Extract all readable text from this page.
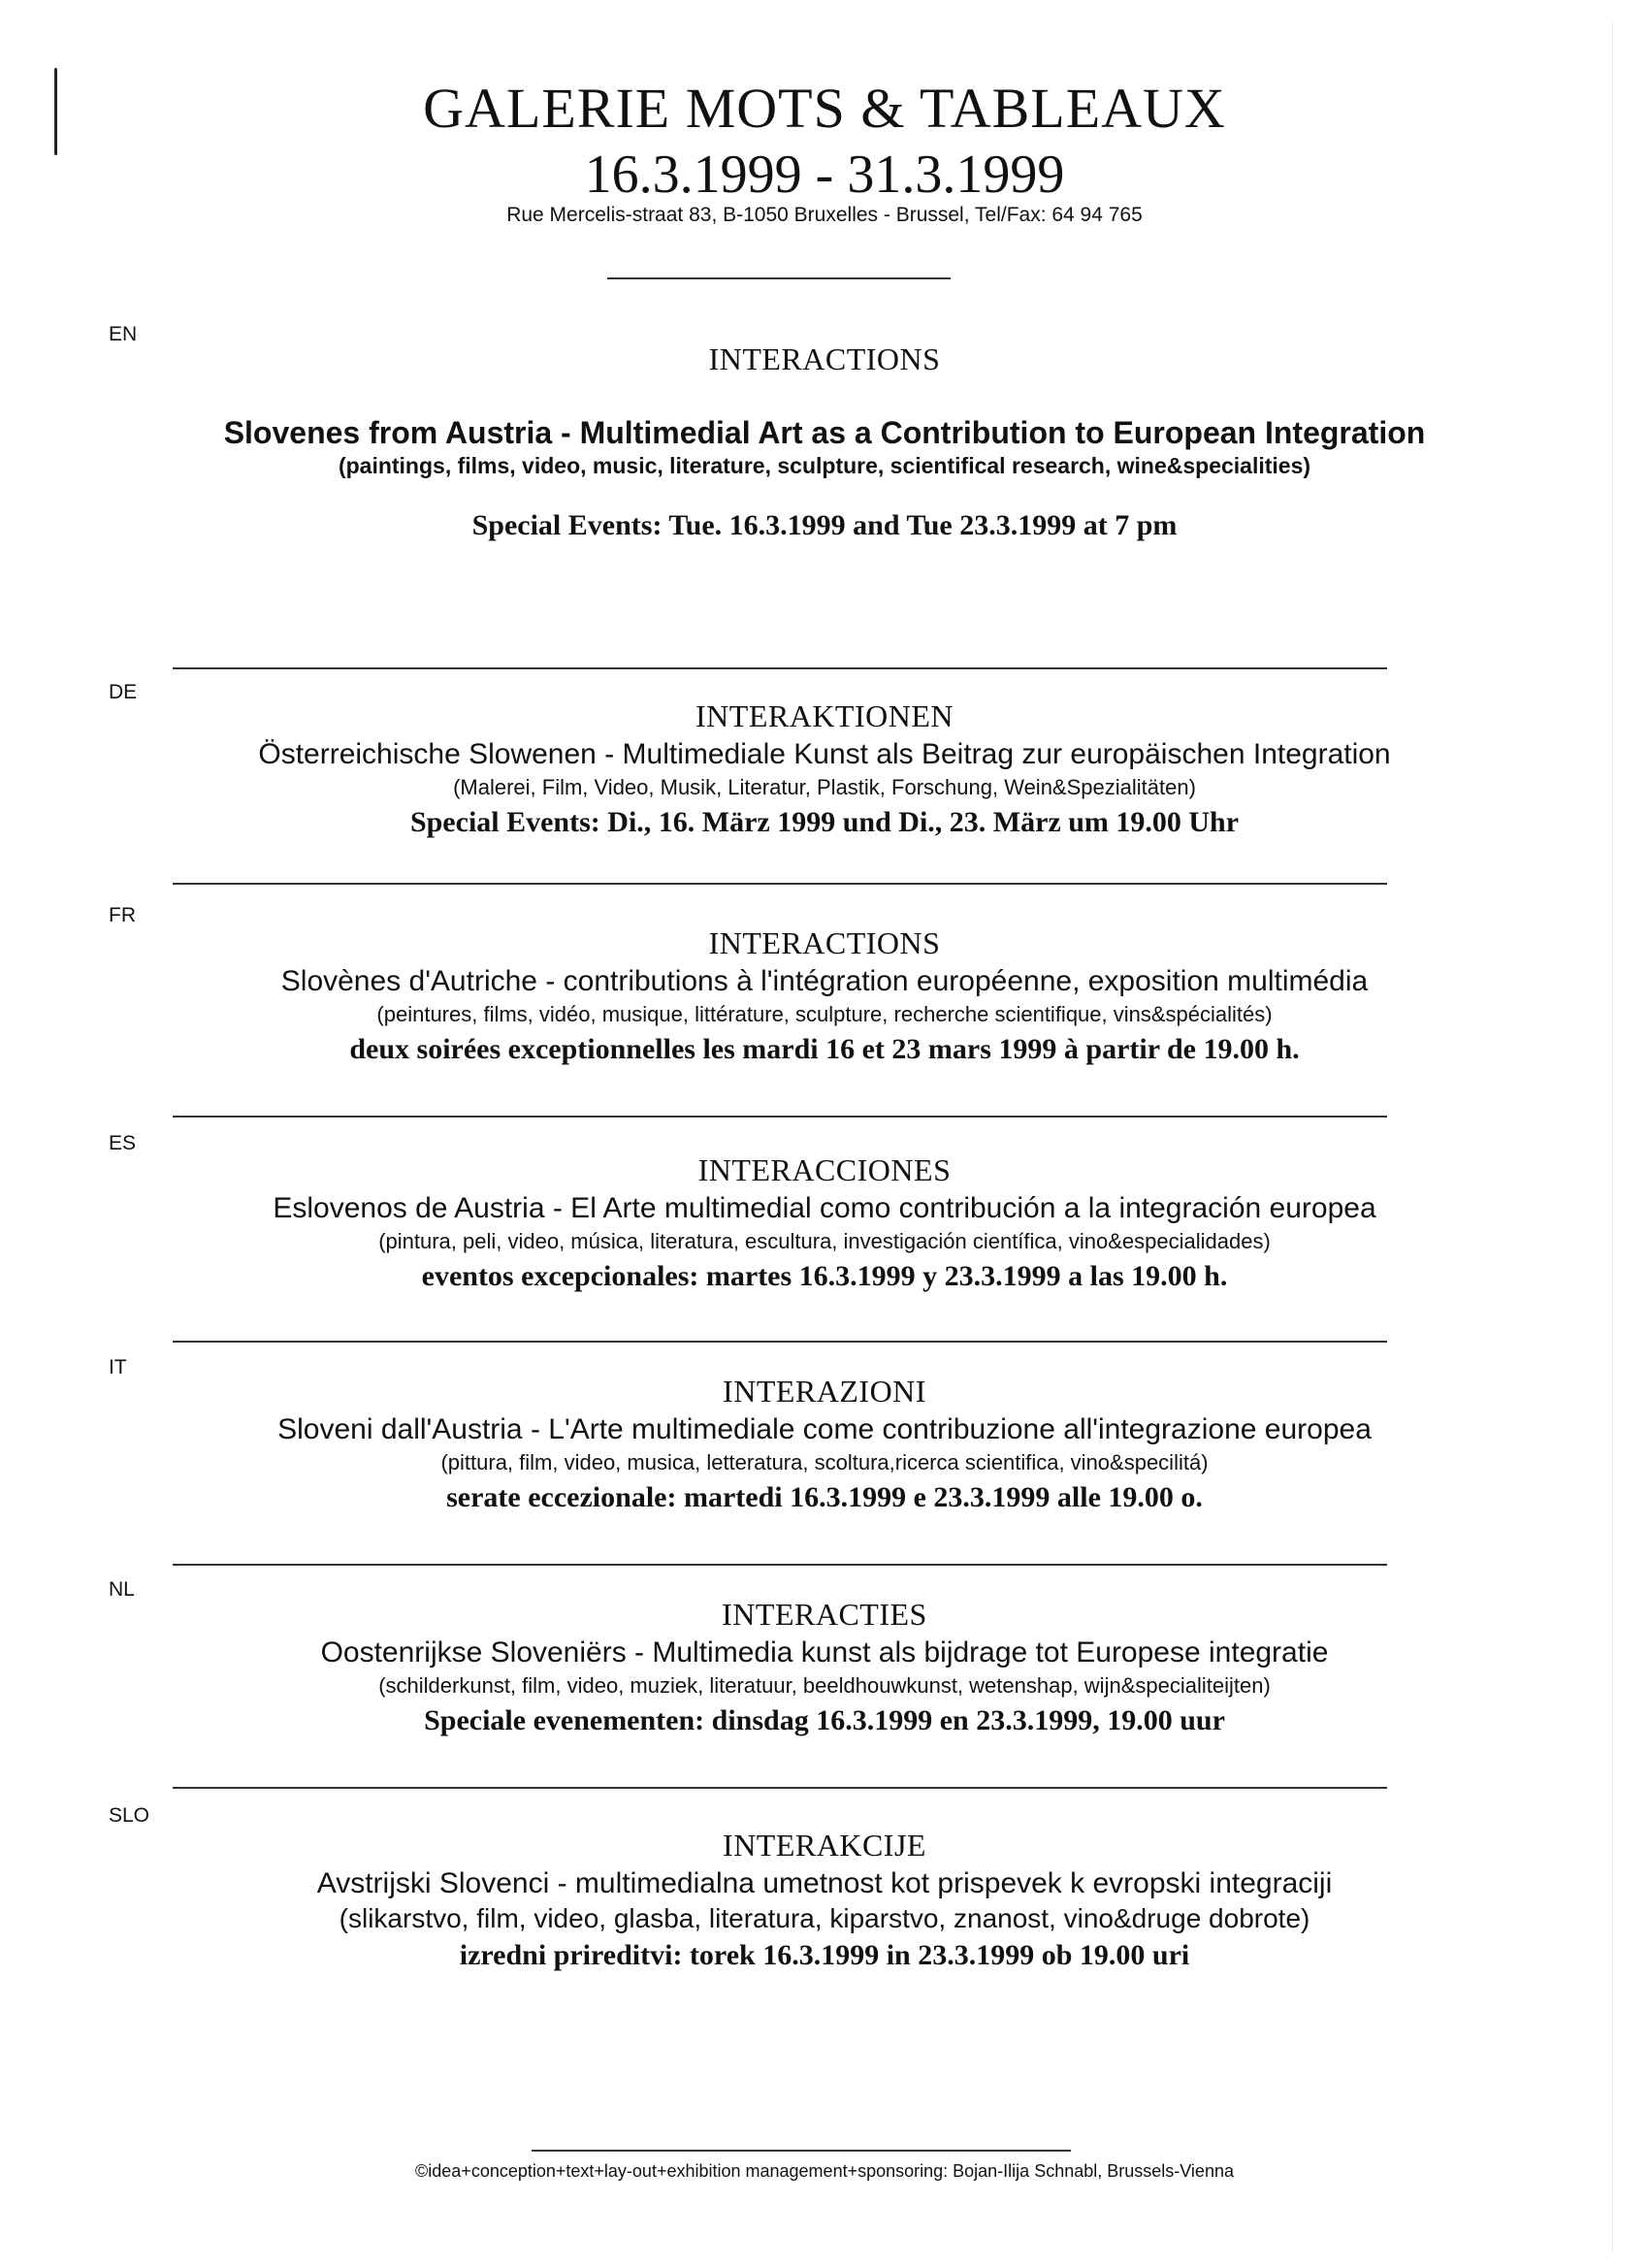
GALERIE MOTS & TABLEAUX
16.3.1999 - 31.3.1999
Rue Mercelis-straat 83, B-1050 Bruxelles - Brussel, Tel/Fax: 64 94 765
EN
INTERACTIONS
Slovenes from Austria - Multimedial Art as a Contribution to European Integration
(paintings, films, video, music, literature, sculpture, scientifical research, wine&specialities)
Special Events: Tue. 16.3.1999 and Tue 23.3.1999 at 7 pm
DE
INTERAKTIONEN
Österreichische Slowenen - Multimediale Kunst als Beitrag zur europäischen Integration
(Malerei, Film, Video, Musik, Literatur, Plastik, Forschung, Wein&Spezialitäten)
Special Events: Di., 16. März 1999 und Di., 23. März um 19.00 Uhr
FR
INTERACTIONS
Slovènes d'Autriche - contributions à l'intégration européenne, exposition multimédia
(peintures, films, vidéo, musique, littérature, sculpture, recherche scientifique, vins&spécialités)
deux soirées exceptionnelles les mardi 16 et 23 mars 1999 à partir de 19.00 h.
ES
INTERACCIONES
Eslovenos de Austria - El Arte multimedial como contribución a la integración europea
(pintura, peli, video, música, literatura, escultura, investigación científica, vino&especialidades)
eventos excepcionales: martes 16.3.1999 y 23.3.1999 a las 19.00 h.
IT
INTERAZIONI
Sloveni dall'Austria - L'Arte multimediale come contribuzione all'integrazione europea
(pittura, film, video, musica, letteratura, scoltura,ricerca scientifica, vino&specilitá)
serate eccezionale: martedi 16.3.1999 e 23.3.1999 alle 19.00 o.
NL
INTERACTIES
Oostenrijkse Sloveniërs - Multimedia kunst als bijdrage tot Europese integratie
(schilderkunst, film, video, muziek, literatuur, beeldhouwkunst, wetenshap, wijn&specialiteijten)
Speciale evenementen: dinsdag 16.3.1999 en 23.3.1999, 19.00 uur
SLO
INTERAKCIJE
Avstrijski Slovenci - multimedialna umetnost kot prispevek k evropski integraciji
(slikarstvo, film, video, glasba, literatura, kiparstvo, znanost, vino&druge dobrote)
izredni prireditvi: torek 16.3.1999 in 23.3.1999 ob 19.00 uri
©idea+conception+text+lay-out+exhibition management+sponsoring: Bojan-Ilija Schnabl, Brussels-Vienna
